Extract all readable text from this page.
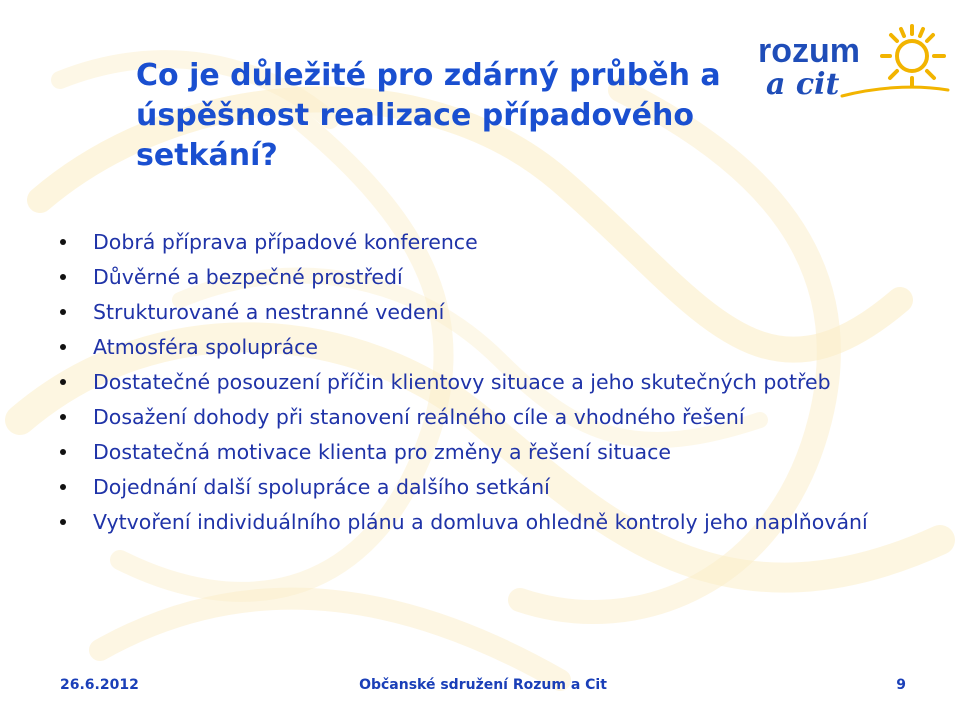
rozum
a cit
Co je důležité pro zdárný průběh a úspěšnost realizace případového setkání?
Dobrá příprava případové konference
Důvěrné a bezpečné prostředí
Strukturované a nestranné vedení
Atmosféra spolupráce
Dostatečné posouzení příčin klientovy situace a jeho skutečných potřeb
Dosažení dohody při stanovení reálného cíle a vhodného řešení
Dostatečná motivace klienta pro změny a řešení situace
Dojednání další spolupráce a dalšího setkání
Vytvoření individuálního plánu a domluva ohledně kontroly jeho naplňování
26.6.2012	Občanské sdružení Rozum a Cit	9
